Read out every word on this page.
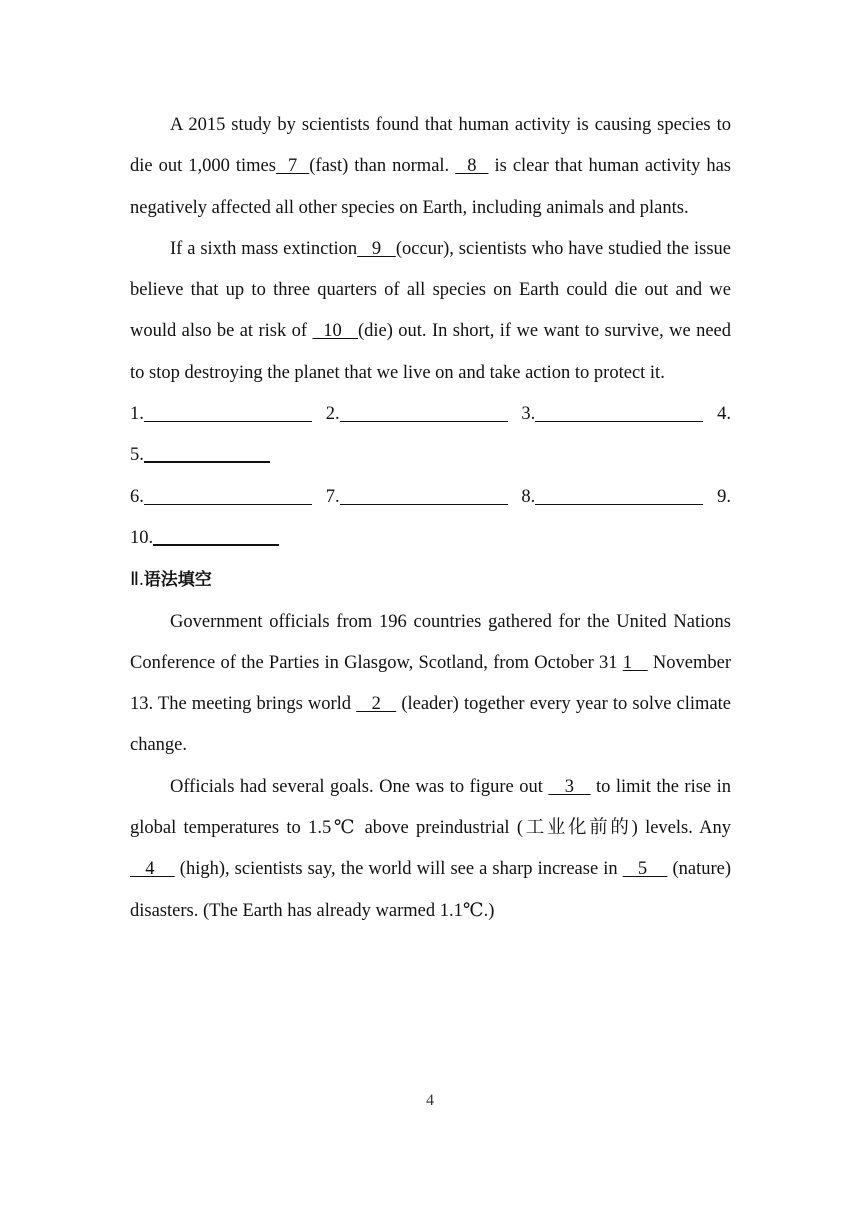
A 2015 study by scientists found that human activity is causing species to die out 1,000 times  7  (fast) than normal.   8   is clear that human activity has negatively affected all other species on Earth, including animals and plants.

If a sixth mass extinction   9   (occur), scientists who have studied the issue believe that up to three quarters of all species on Earth could die out and we would also be at risk of   10   (die) out. In short, if we want to survive, we need to stop destroying the planet that we live on and take action to protect it.

1.	2.	3.	4.
5.
6.	7.	8.	9.
10.

Ⅱ.语法填空

Government officials from 196 countries gathered for the United Nations Conference of the Parties in Glasgow, Scotland, from October 31 1    November 13. The meeting brings world    2    (leader) together every year to solve climate change.

Officials had several goals. One was to figure out    3    to limit the rise in global temperatures to 1.5℃ above preindustrial (工业化前的) levels. Any    4     (high), scientists say, the world will see a sharp increase in    5     (nature) disasters. (The Earth has already warmed 1.1℃.)

4
